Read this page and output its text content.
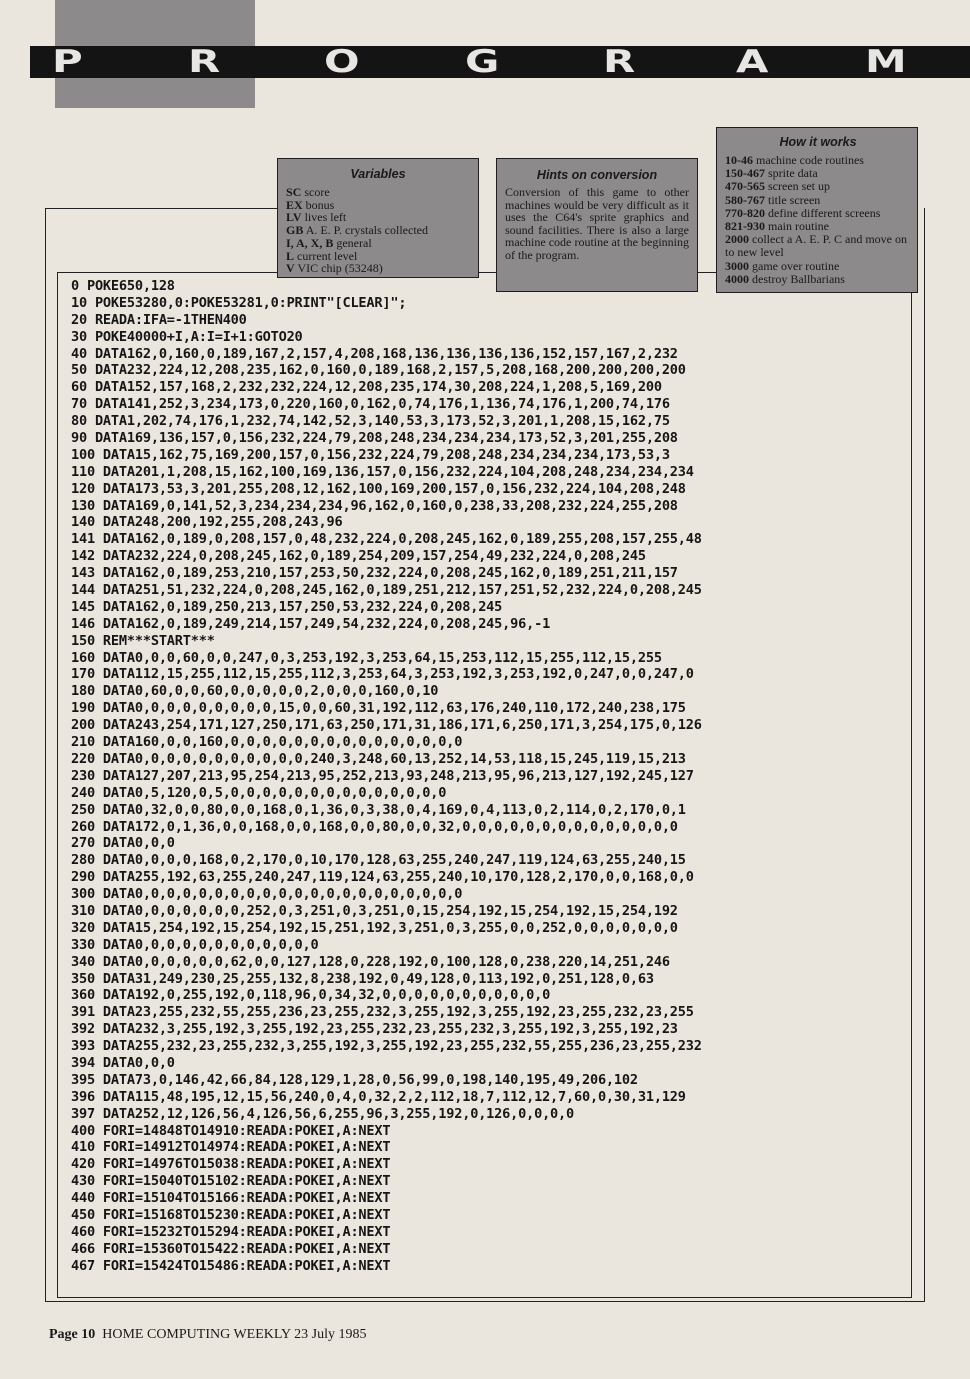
P	R	O	G	R	A	M
0 POKE650,128
10 POKE53280,0:POKE53281,0:PRINT"[CLEAR]";
20 READA:IFA=-1THEN400
30 POKE40000+I,A:I=I+1:GOTO20
40 DATA162,0,160,0,189,167,2,157,4,208,168,136,136,136,136,152,157,167,2,232
50 DATA232,224,12,208,235,162,0,160,0,189,168,2,157,5,208,168,200,200,200,200
60 DATA152,157,168,2,232,232,224,12,208,235,174,30,208,224,1,208,5,169,200
70 DATA141,252,3,234,173,0,220,160,0,162,0,74,176,1,136,74,176,1,200,74,176
80 DATA1,202,74,176,1,232,74,142,52,3,140,53,3,173,52,3,201,1,208,15,162,75
90 DATA169,136,157,0,156,232,224,79,208,248,234,234,234,173,52,3,201,255,208
100 DATA15,162,75,169,200,157,0,156,232,224,79,208,248,234,234,234,173,53,3
110 DATA201,1,208,15,162,100,169,136,157,0,156,232,224,104,208,248,234,234,234
120 DATA173,53,3,201,255,208,12,162,100,169,200,157,0,156,232,224,104,208,248
130 DATA169,0,141,52,3,234,234,234,96,162,0,160,0,238,33,208,232,224,255,208
140 DATA248,200,192,255,208,243,96
141 DATA162,0,189,0,208,157,0,48,232,224,0,208,245,162,0,189,255,208,157,255,48
142 DATA232,224,0,208,245,162,0,189,254,209,157,254,49,232,224,0,208,245
143 DATA162,0,189,253,210,157,253,50,232,224,0,208,245,162,0,189,251,211,157
144 DATA251,51,232,224,0,208,245,162,0,189,251,212,157,251,52,232,224,0,208,245
145 DATA162,0,189,250,213,157,250,53,232,224,0,208,245
146 DATA162,0,189,249,214,157,249,54,232,224,0,208,245,96,-1
150 REM***START***
160 DATA0,0,0,60,0,0,247,0,3,253,192,3,253,64,15,253,112,15,255,112,15,255
170 DATA112,15,255,112,15,255,112,3,253,64,3,253,192,3,253,192,0,247,0,0,247,0
180 DATA0,60,0,0,60,0,0,0,0,0,2,0,0,0,160,0,10
190 DATA0,0,0,0,0,0,0,0,0,15,0,0,60,31,192,112,63,176,240,110,172,240,238,175
200 DATA243,254,171,127,250,171,63,250,171,31,186,171,6,250,171,3,254,175,0,126
210 DATA160,0,0,160,0,0,0,0,0,0,0,0,0,0,0,0,0,0,0
220 DATA0,0,0,0,0,0,0,0,0,0,0,240,3,248,60,13,252,14,53,118,15,245,119,15,213
230 DATA127,207,213,95,254,213,95,252,213,93,248,213,95,96,213,127,192,245,127
240 DATA0,5,120,0,5,0,0,0,0,0,0,0,0,0,0,0,0,0,0
250 DATA0,32,0,0,80,0,0,168,0,1,36,0,3,38,0,4,169,0,4,113,0,2,114,0,2,170,0,1
260 DATA172,0,1,36,0,0,168,0,0,168,0,0,80,0,0,32,0,0,0,0,0,0,0,0,0,0,0,0,0,0
270 DATA0,0,0
280 DATA0,0,0,0,168,0,2,170,0,10,170,128,63,255,240,247,119,124,63,255,240,15
290 DATA255,192,63,255,240,247,119,124,63,255,240,10,170,128,2,170,0,0,168,0,0
300 DATA0,0,0,0,0,0,0,0,0,0,0,0,0,0,0,0,0,0,0,0,0
310 DATA0,0,0,0,0,0,0,252,0,3,251,0,3,251,0,15,254,192,15,254,192,15,254,192
320 DATA15,254,192,15,254,192,15,251,192,3,251,0,3,255,0,0,252,0,0,0,0,0,0,0
330 DATA0,0,0,0,0,0,0,0,0,0,0,0
340 DATA0,0,0,0,0,0,62,0,0,127,128,0,228,192,0,100,128,0,238,220,14,251,246
350 DATA31,249,230,25,255,132,8,238,192,0,49,128,0,113,192,0,251,128,0,63
360 DATA192,0,255,192,0,118,96,0,34,32,0,0,0,0,0,0,0,0,0,0,0
391 DATA23,255,232,55,255,236,23,255,232,3,255,192,3,255,192,23,255,232,23,255
392 DATA232,3,255,192,3,255,192,23,255,232,23,255,232,3,255,192,3,255,192,23
393 DATA255,232,23,255,232,3,255,192,3,255,192,23,255,232,55,255,236,23,255,232
394 DATA0,0,0
395 DATA73,0,146,42,66,84,128,129,1,28,0,56,99,0,198,140,195,49,206,102
396 DATA115,48,195,12,15,56,240,0,4,0,32,2,2,112,18,7,112,12,7,60,0,30,31,129
397 DATA252,12,126,56,4,126,56,6,255,96,3,255,192,0,126,0,0,0,0
400 FORI=14848TO14910:READA:POKEI,A:NEXT
410 FORI=14912TO14974:READA:POKEI,A:NEXT
420 FORI=14976TO15038:READA:POKEI,A:NEXT
430 FORI=15040TO15102:READA:POKEI,A:NEXT
440 FORI=15104TO15166:READA:POKEI,A:NEXT
450 FORI=15168TO15230:READA:POKEI,A:NEXT
460 FORI=15232TO15294:READA:POKEI,A:NEXT
466 FORI=15360TO15422:READA:POKEI,A:NEXT
467 FORI=15424TO15486:READA:POKEI,A:NEXT
Variables
SC score
EX bonus
LV lives left
GB A. E. P. crystals collected
I, A, X, B general
L current level
V VIC chip (53248)
Hints on conversion

Conversion of this game to other machines would be very difficult as it uses the C64's sprite graphics and sound facilities. There is also a large machine code routine at the beginning of the program.

How it works
10-46 machine code routines
150-467 sprite data
470-565 screen set up
580-767 title screen
770-820 define different screens
821-930 main routine
2000 collect a A. E. P. C and move on to new level
3000 game over routine
4000 destroy Ballbarians
Page 10 HOME COMPUTING WEEKLY 23 July 1985
